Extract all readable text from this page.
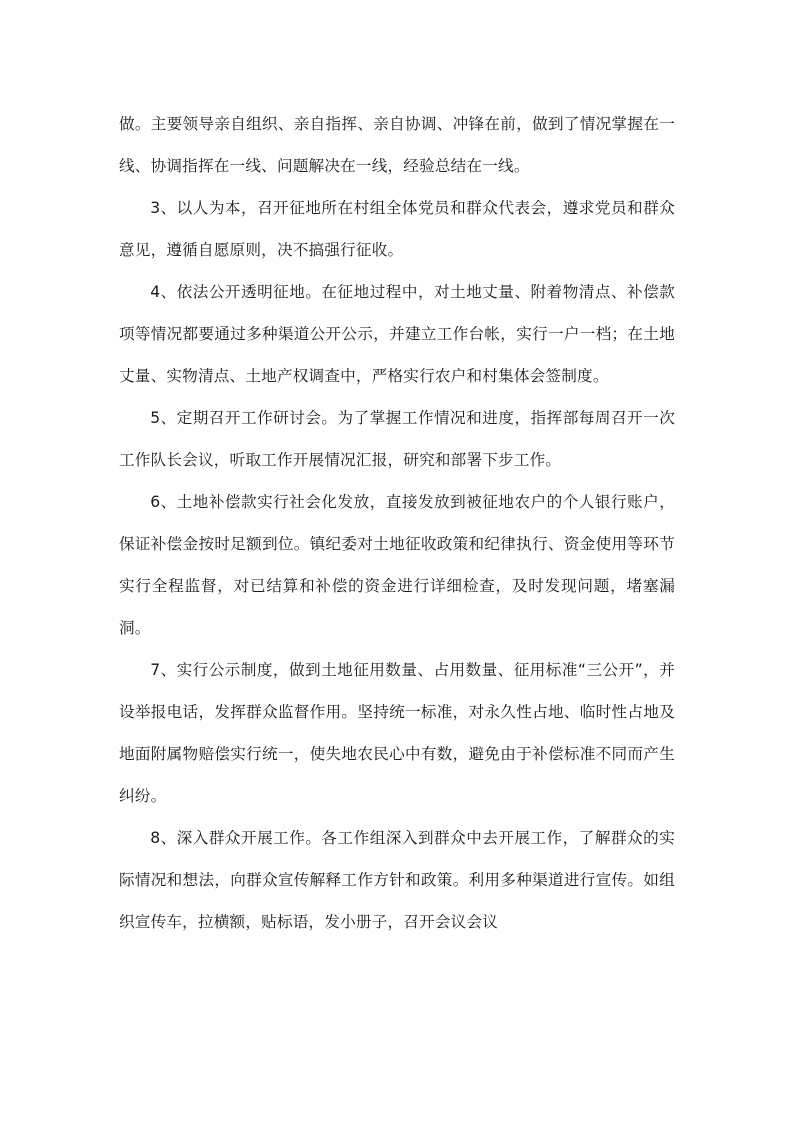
做。主要领导亲自组织、亲自指挥、亲自协调、冲锋在前，做到了情况掌握在一线、协调指挥在一线、问题解决在一线，经验总结在一线。

3、以人为本，召开征地所在村组全体党员和群众代表会，遵求党员和群众意见，遵循自愿原则，决不搞强行征收。

4、依法公开透明征地。在征地过程中，对土地丈量、附着物清点、补偿款项等情况都要通过多种渠道公开公示，并建立工作台帐，实行一户一档；在土地丈量、实物清点、土地产权调查中，严格实行农户和村集体会签制度。

5、定期召开工作研讨会。为了掌握工作情况和进度，指挥部每周召开一次工作队长会议，听取工作开展情况汇报，研究和部署下步工作。

6、土地补偿款实行社会化发放，直接发放到被征地农户的个人银行账户，保证补偿金按时足额到位。镇纪委对土地征收政策和纪律执行、资金使用等环节实行全程监督，对已结算和补偿的资金进行详细检查，及时发现问题，堵塞漏洞。

7、实行公示制度，做到土地征用数量、占用数量、征用标准“三公开”，并设举报电话，发挥群众监督作用。坚持统一标准，对永久性占地、临时性占地及地面附属物赔偿实行统一，使失地农民心中有数，避免由于补偿标准不同而产生纠纷。

8、深入群众开展工作。各工作组深入到群众中去开展工作，了解群众的实际情况和想法，向群众宣传解释工作方针和政策。利用多种渠道进行宣传。如组织宣传车，拉横额，贴标语，发小册子，召开会议会议
